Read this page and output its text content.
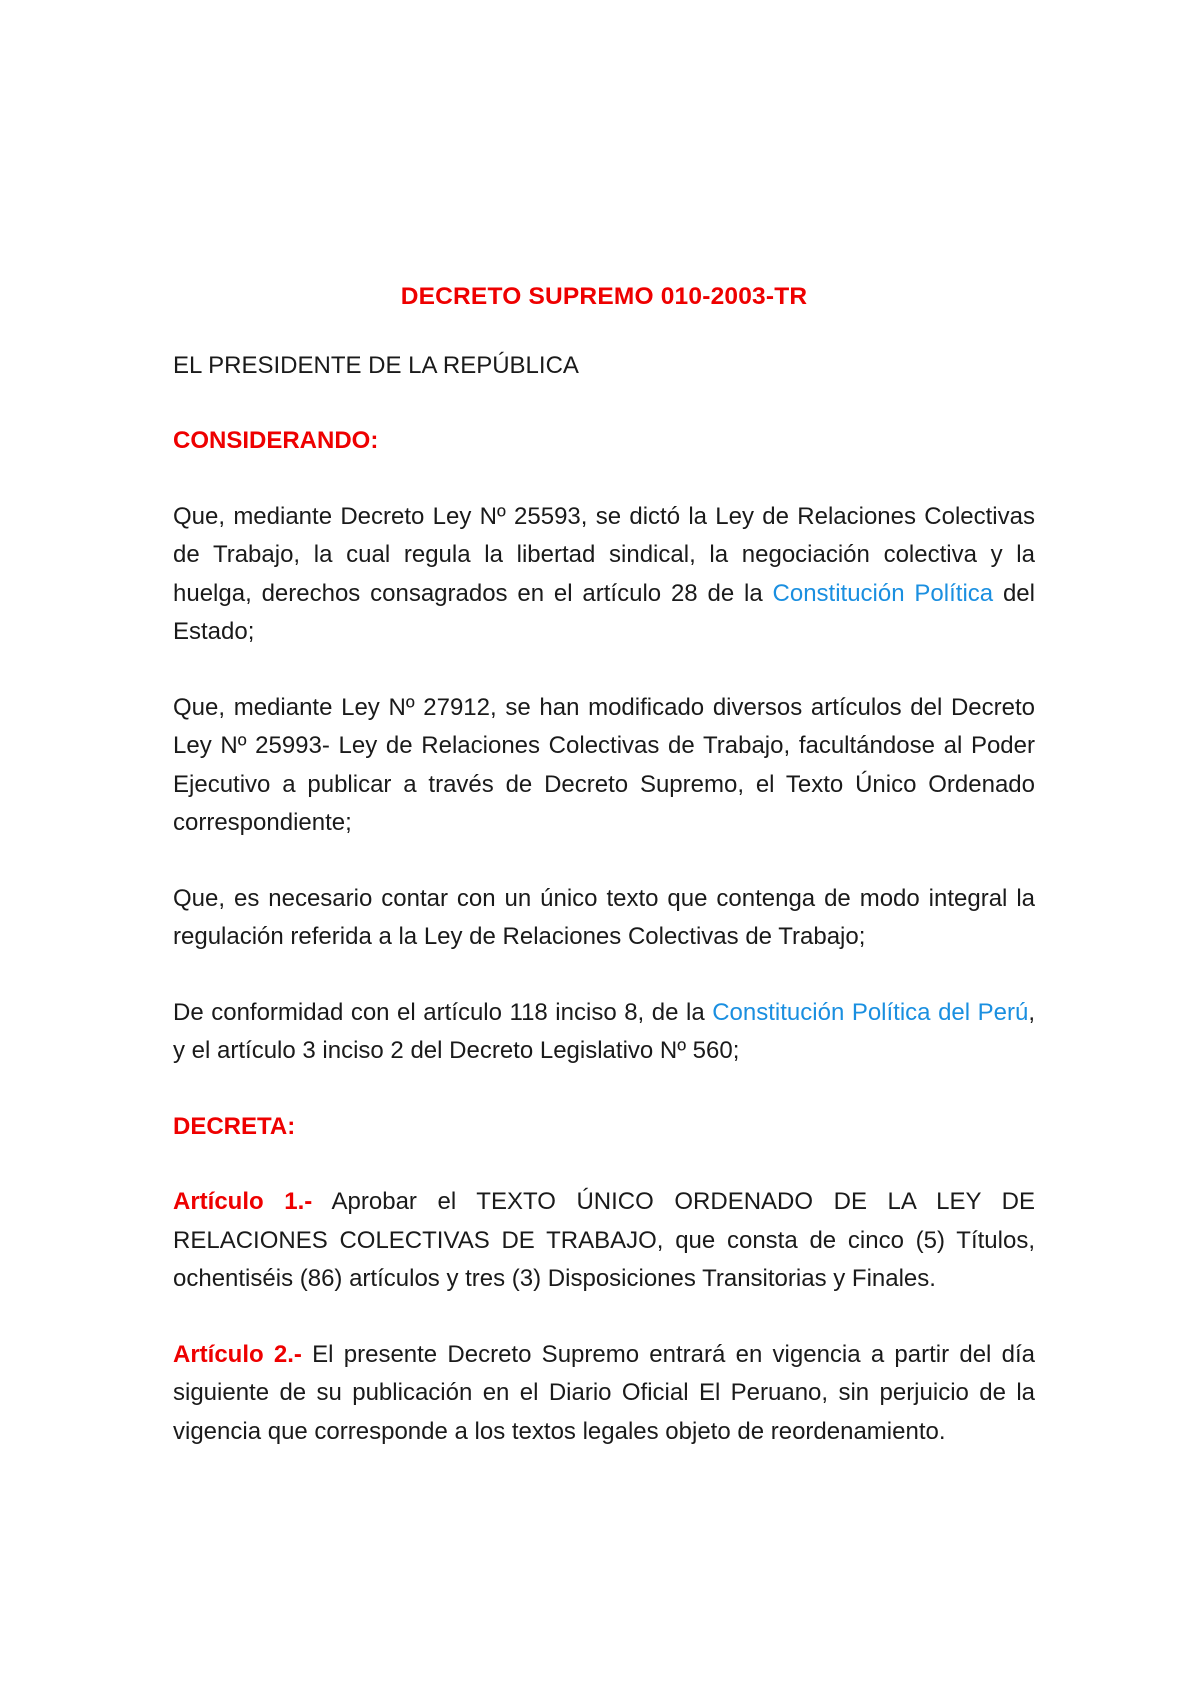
DECRETO SUPREMO 010-2003-TR
EL PRESIDENTE DE LA REPÚBLICA
CONSIDERANDO:

Que, mediante Decreto Ley Nº 25593, se dictó la Ley de Relaciones Colectivas de Trabajo, la cual regula la libertad sindical, la negociación colectiva y la huelga, derechos consagrados en el artículo 28 de la Constitución Política del Estado;

Que, mediante Ley Nº 27912, se han modificado diversos artículos del Decreto Ley Nº 25993- Ley de Relaciones Colectivas de Trabajo, facultándose al Poder Ejecutivo a publicar a través de Decreto Supremo, el Texto Único Ordenado correspondiente;

Que, es necesario contar con un único texto que contenga de modo integral la regulación referida a la Ley de Relaciones Colectivas de Trabajo;

De conformidad con el artículo 118 inciso 8, de la Constitución Política del Perú, y el artículo 3 inciso 2 del Decreto Legislativo Nº 560;

DECRETA:

Artículo 1.- Aprobar el TEXTO ÚNICO ORDENADO DE LA LEY DE RELACIONES COLECTIVAS DE TRABAJO, que consta de cinco (5) Títulos, ochentiséis (86) artículos y tres (3) Disposiciones Transitorias y Finales.

Artículo 2.- El presente Decreto Supremo entrará en vigencia a partir del día siguiente de su publicación en el Diario Oficial El Peruano, sin perjuicio de la vigencia que corresponde a los textos legales objeto de reordenamiento.
